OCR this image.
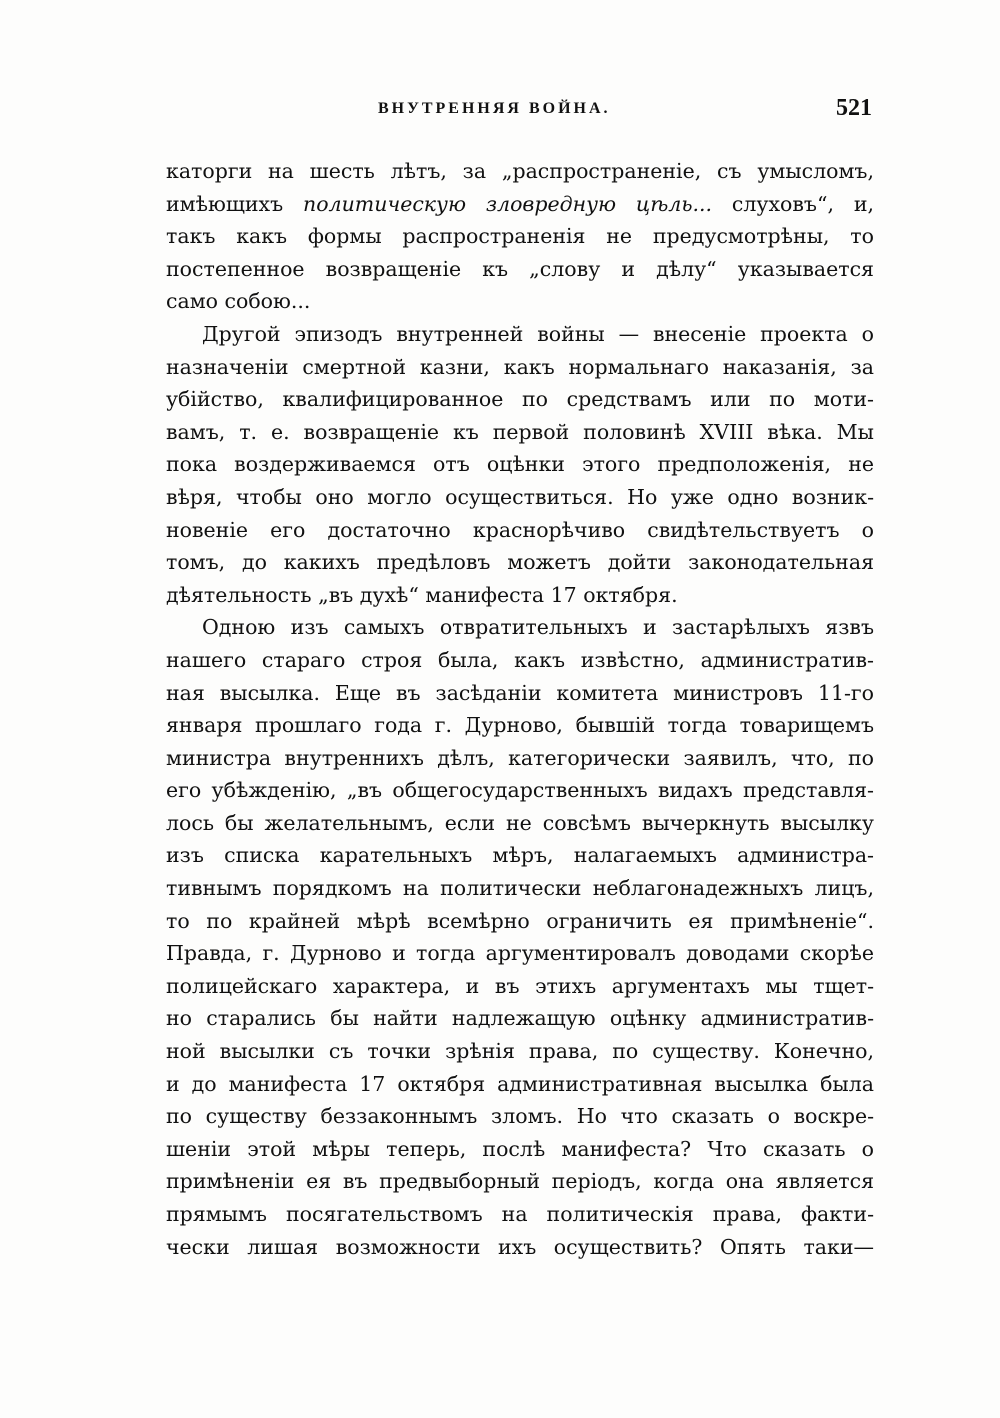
ВНУТРЕННЯЯ ВОЙНА.	521
каторги на шесть лѣтъ, за „распространеніе, съ умысломъ,
имѣющихъ политическую зловредную цѣль... слуховъ“, и,
такъ какъ формы распространенія не предусмотрѣны, то
постепенное возвращеніе къ „слову и дѣлу“ указывается
само собою...
Другой эпизодъ внутренней войны — внесеніе проекта о
назначеніи смертной казни, какъ нормальнаго наказанія, за
убійство, квалифицированное по средствамъ или по моти-
вамъ, т. е. возвращеніе къ первой половинѣ XVIII вѣка. Мы
пока воздерживаемся отъ оцѣнки этого предположенія, не
вѣря, чтобы оно могло осуществиться. Но уже одно возник-
новеніе его достаточно краснорѣчиво свидѣтельствуетъ о
томъ, до какихъ предѣловъ можетъ дойти законодательная
дѣятельность „въ духѣ“ манифеста 17 октября.
Одною изъ самыхъ отвратительныхъ и застарѣлыхъ язвъ
нашего стараго строя была, какъ извѣстно, административ-
ная высылка. Еще въ засѣданіи комитета министровъ 11-го
января прошлаго года г. Дурново, бывшій тогда товарищемъ
министра внутреннихъ дѣлъ, категорически заявилъ, что, по
его убѣжденію, „въ общегосударственныхъ видахъ представля-
лось бы желательнымъ, если не совсѣмъ вычеркнуть высылку
изъ списка карательныхъ мѣръ, налагаемыхъ администра-
тивнымъ порядкомъ на политически неблагонадежныхъ лицъ,
то по крайней мѣрѣ всемѣрно ограничить ея примѣненіе“.
Правда, г. Дурново и тогда аргументировалъ доводами скорѣе
полицейскаго характера, и въ этихъ аргументахъ мы тщет-
но старались бы найти надлежащую оцѣнку административ-
ной высылки съ точки зрѣнія права, по существу. Конечно,
и до манифеста 17 октября административная высылка была
по существу беззаконнымъ зломъ. Но что сказать о воскре-
шеніи этой мѣры теперь, послѣ манифеста? Что сказать о
примѣненіи ея въ предвыборный періодъ, когда она является
прямымъ посягательствомъ на политическія права, факти-
чески лишая возможности ихъ осуществить? Опять таки—
